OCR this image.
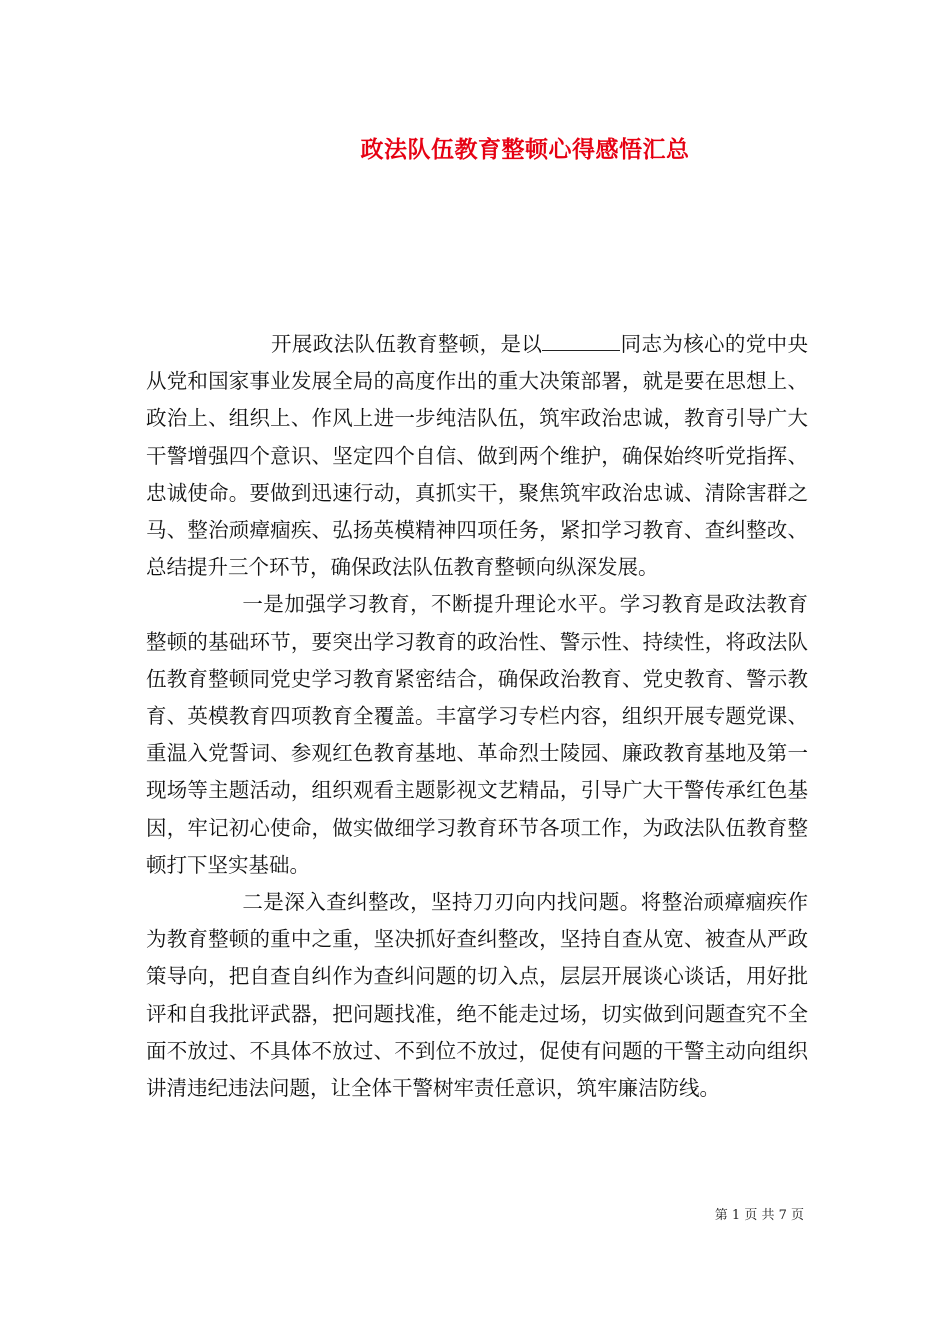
政法队伍教育整顿心得感悟汇总

开展政法队伍教育整顿，是以	同志为核心的党中央从党和国家事业发展全局的高度作出的重大决策部署，就是要在思想上、政治上、组织上、作风上进一步纯洁队伍，筑牢政治忠诚，教育引导广大干警增强四个意识、坚定四个自信、做到两个维护，确保始终听党指挥、忠诚使命。要做到迅速行动，真抓实干，聚焦筑牢政治忠诚、清除害群之马、整治顽瘴痼疾、弘扬英模精神四项任务，紧扣学习教育、查纠整改、总结提升三个环节，确保政法队伍教育整顿向纵深发展。

一是加强学习教育，不断提升理论水平。学习教育是政法教育整顿的基础环节，要突出学习教育的政治性、警示性、持续性，将政法队伍教育整顿同党史学习教育紧密结合，确保政治教育、党史教育、警示教育、英模教育四项教育全覆盖。丰富学习专栏内容，组织开展专题党课、重温入党誓词、参观红色教育基地、革命烈士陵园、廉政教育基地及第一现场等主题活动，组织观看主题影视文艺精品，引导广大干警传承红色基因，牢记初心使命，做实做细学习教育环节各项工作，为政法队伍教育整顿打下坚实基础。

二是深入查纠整改，坚持刀刃向内找问题。将整治顽瘴痼疾作为教育整顿的重中之重，坚决抓好查纠整改，坚持自查从宽、被查从严政策导向，把自查自纠作为查纠问题的切入点，层层开展谈心谈话，用好批评和自我批评武器，把问题找准，绝不能走过场，切实做到问题查究不全面不放过、不具体不放过、不到位不放过，促使有问题的干警主动向组织讲清违纪违法问题，让全体干警树牢责任意识，筑牢廉洁防线。

第 1 页 共 7 页
